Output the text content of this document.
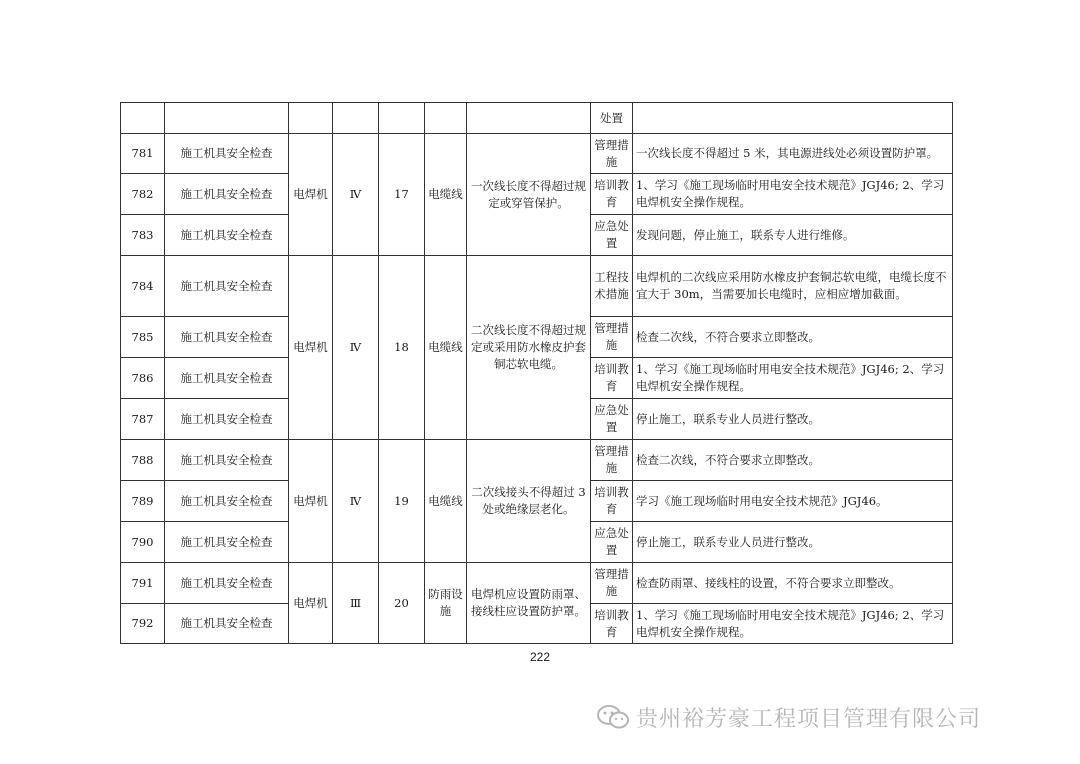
							处置	
781	施工机具安全检查	电焊机	Ⅳ	17	电缆线	一次线长度不得超过规定或穿管保护。	管理措施	一次线长度不得超过 5 米，其电源进线处必须设置防护罩。
782	施工机具安全检查						培训教育	1、学习《施工现场临时用电安全技术规范》JGJ46; 2、学习电焊机安全操作规程。
783	施工机具安全检查						应急处置	发现问题，停止施工，联系专人进行维修。
784	施工机具安全检查	电焊机	Ⅳ	18	电缆线	二次线长度不得超过规定或采用防水橡皮护套铜芯软电缆。	工程技术措施	电焊机的二次线应采用防水橡皮护套铜芯软电缆，电缆长度不宜大于 30m，当需要加长电缆时，应相应增加截面。
785	施工机具安全检查						管理措施	检查二次线，不符合要求立即整改。
786	施工机具安全检查						培训教育	1、学习《施工现场临时用电安全技术规范》JGJ46; 2、学习电焊机安全操作规程。
787	施工机具安全检查						应急处置	停止施工，联系专业人员进行整改。
788	施工机具安全检查	电焊机	Ⅳ	19	电缆线	二次线接头不得超过 3 处或绝缘层老化。	管理措施	检查二次线，不符合要求立即整改。
789	施工机具安全检查						培训教育	学习《施工现场临时用电安全技术规范》JGJ46。
790	施工机具安全检查						应急处置	停止施工，联系专业人员进行整改。
791	施工机具安全检查	电焊机	Ⅲ	20	防雨设施	电焊机应设置防雨罩、接线柱应设置防护罩。	管理措施	检查防雨罩、接线柱的设置，不符合要求立即整改。
792	施工机具安全检查						培训教育	1、学习《施工现场临时用电安全技术规范》JGJ46; 2、学习电焊机安全操作规程。
222
贵州裕芳豪工程项目管理有限公司
